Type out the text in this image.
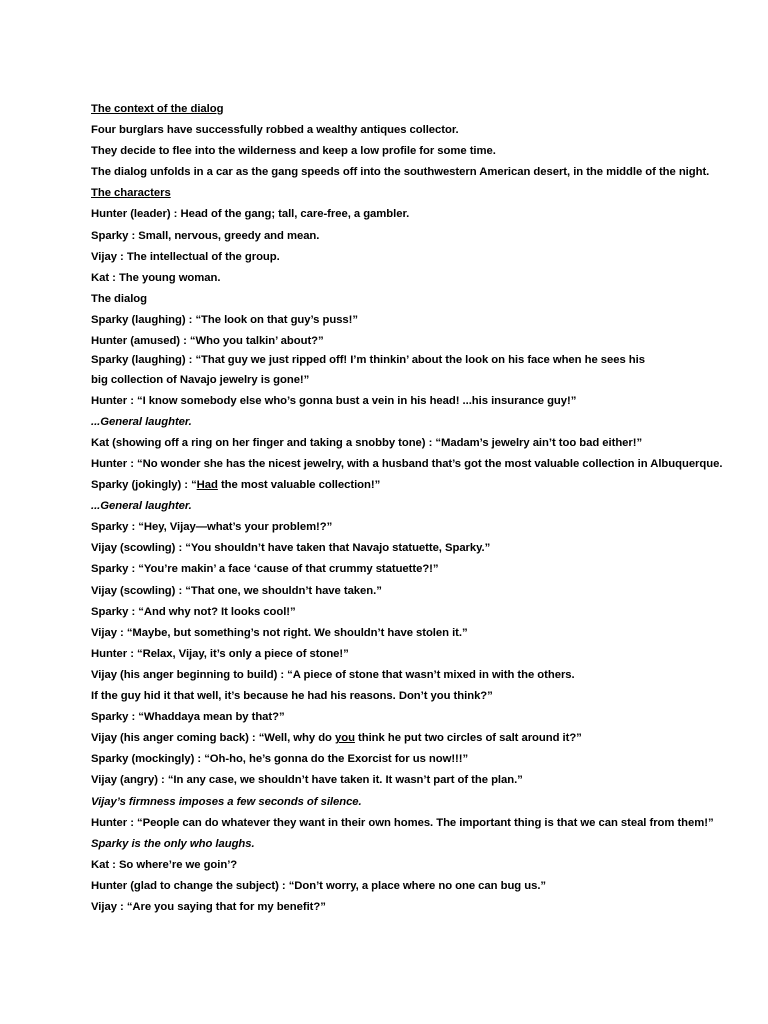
The context of the dialog
Four burglars have successfully robbed a wealthy antiques collector.
They decide to flee into the wilderness and keep a low profile for some time.
The dialog unfolds in a car as the gang speeds off into the southwestern American desert, in the middle of the night.
The characters
Hunter (leader) : Head of the gang; tall, care-free, a gambler.
Sparky : Small, nervous, greedy and mean.
Vijay : The intellectual of the group.
Kat : The young woman.
The dialog
Sparky (laughing) : “The look on that guy’s puss!”
Hunter (amused) : “Who you talkin’ about?”
Sparky (laughing) : “That guy we just ripped off! I’m thinkin’ about the look on his face when he sees his
big collection of Navajo jewelry is gone!”
Hunter : “I know somebody else who’s gonna bust a vein in his head! ...his insurance guy!”
...General laughter.
Kat (showing off a ring on her finger and taking a snobby tone) : “Madam’s jewelry ain’t too bad either!”
Hunter : “No wonder she has the nicest jewelry, with a husband that’s got the most valuable collection in Albuquerque.
Sparky (jokingly) : “Had the most valuable collection!”
...General laughter.
Sparky : “Hey, Vijay—what’s your problem!?”
Vijay (scowling) : “You shouldn’t have taken that Navajo statuette, Sparky.”
Sparky : “You’re makin’ a face ‘cause of that crummy statuette?!”
Vijay (scowling) : “That one, we shouldn’t have taken.”
Sparky : “And why not? It looks cool!”
Vijay : “Maybe, but something’s not right. We shouldn’t have stolen it.”
Hunter : “Relax, Vijay, it’s only a piece of stone!”
Vijay (his anger beginning to build) : “A piece of stone that wasn’t mixed in with the others.
If the guy hid it that well, it’s because he had his reasons. Don’t you think?”
Sparky : “Whaddaya mean by that?”
Vijay (his anger coming back) : “Well, why do you think he put two circles of salt around it?”
Sparky (mockingly) : “Oh-ho, he’s gonna do the Exorcist for us now!!!”
Vijay (angry) : “In any case, we shouldn’t have taken it. It wasn’t part of the plan.”
Vijay’s firmness imposes a few seconds of silence.
Hunter : “People can do whatever they want in their own homes. The important thing is that we can steal from them!”
Sparky is the only who laughs.
Kat : So where’re we goin’?
Hunter (glad to change the subject) : “Don’t worry, a place where no one can bug us.”
Vijay : “Are you saying that for my benefit?”
